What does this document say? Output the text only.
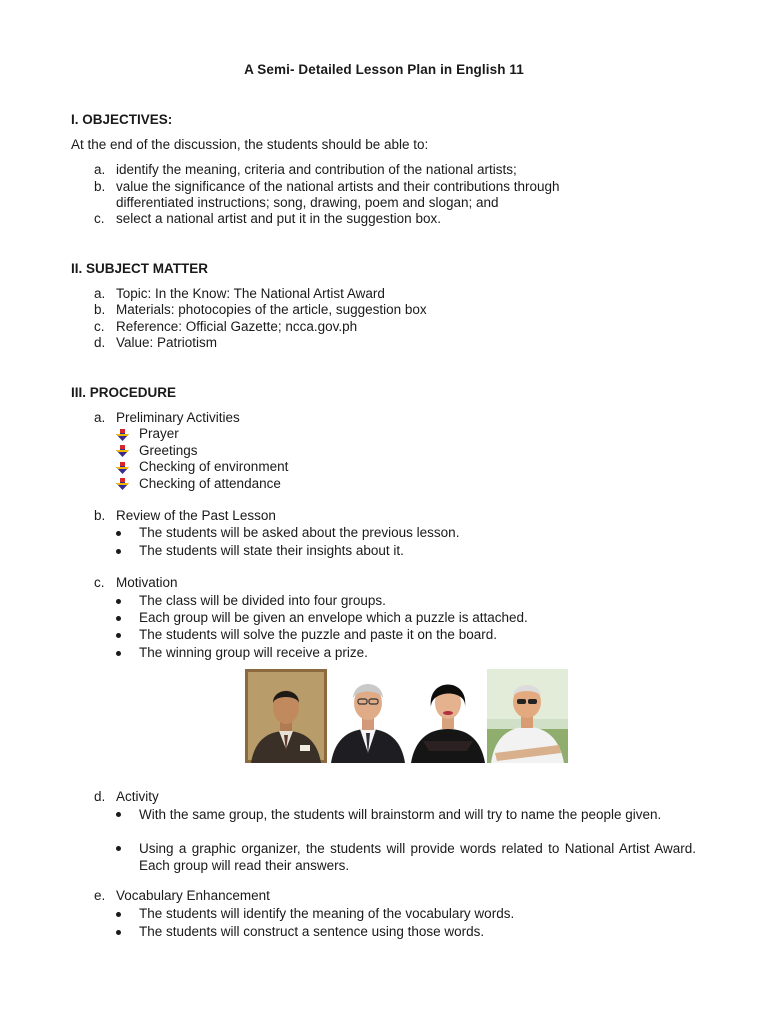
A Semi- Detailed Lesson Plan in English 11
I. OBJECTIVES:
At the end of the discussion, the students should be able to:
a. identify the meaning, criteria and contribution of the national artists;
b. value the significance of the national artists and their contributions through
differentiated instructions; song, drawing, poem and slogan; and
c. select a national artist and put it in the suggestion box.
II. SUBJECT MATTER
a. Topic: In the Know: The National Artist Award
b. Materials: photocopies of the article, suggestion box
c. Reference: Official Gazette; ncca.gov.ph
d. Value: Patriotism
III. PROCEDURE
a. Preliminary Activities
Prayer
Greetings
Checking of environment
Checking of attendance
b. Review of the Past Lesson
The students will be asked about the previous lesson.
The students will state their insights about it.
c. Motivation
The class will be divided into four groups.
Each group will be given an envelope which a puzzle is attached.
The students will solve the puzzle and paste it on the board.
The winning group will receive a prize.
d. Activity
With the same group, the students will brainstorm and will try to name the people given.
Using a graphic organizer, the students will provide words related to National Artist Award. Each group will read their answers.
e. Vocabulary Enhancement
The students will identify the meaning of the vocabulary words.
The students will construct a sentence using those words.
